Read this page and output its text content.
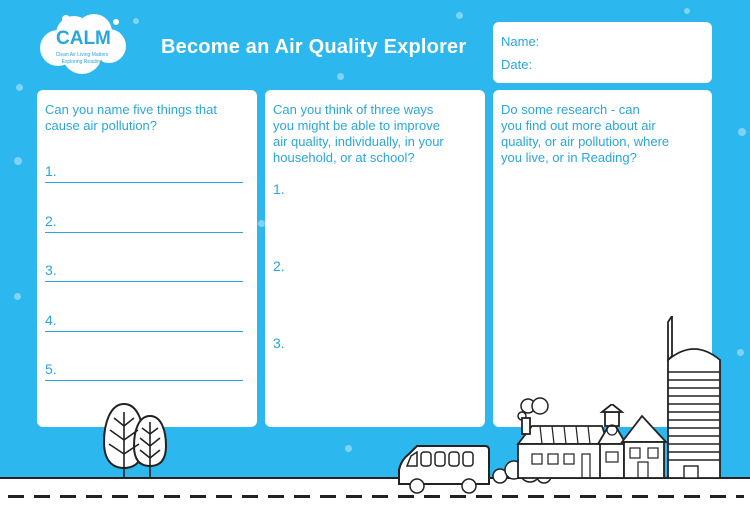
CALM
Clean Air Living Matters
Exploring Reading
Become an Air Quality Explorer	Name:
Date:
Can you name five things that
cause air pollution?
1.
2.
3.
4.
5.
Can you think of three ways
you might be able to improve
air quality, individually, in your
household, or at school?
1.
2.
3.
Do some research - can
you find out more about air
quality, or air pollution, where
you live, or in Reading?
